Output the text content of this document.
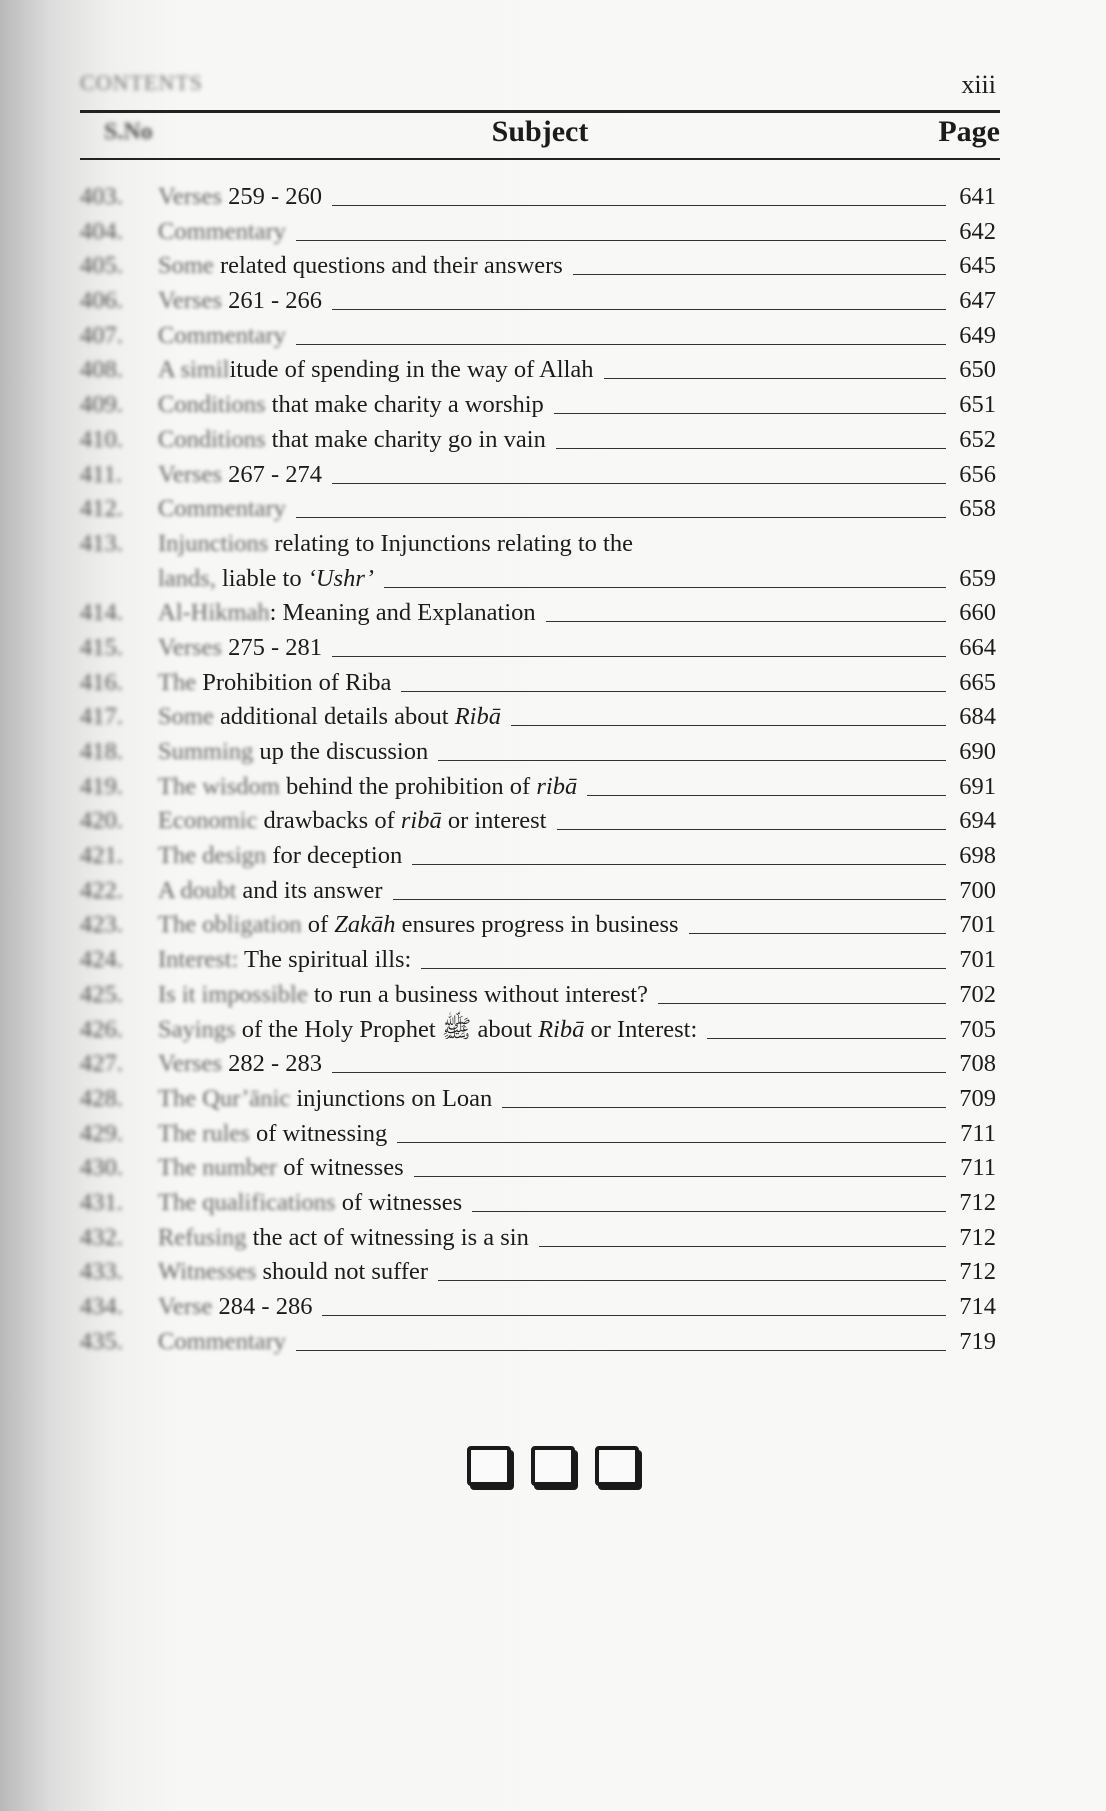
CONTENTS	xiii
S.No	Subject	Page
403. Verses 259 - 260	641
404. Commentary	642
405. Some related questions and their answers	645
406. Verses 261 - 266	647
407. Commentary	649
408. A similitude of spending in the way of Allah	650
409. Conditions that make charity a worship	651
410. Conditions that make charity go in vain	652
411.	Verses 267 - 274	656
412. Commentary	658
413. Injunctions relating to Injunctions relating to the
lands, liable to ‘Ushr’	659
414. Al-Hikmah: Meaning and Explanation	660
415. Verses 275 - 281	664
416. The Prohibition of Riba	665
417. Some additional details about Ribā	684
418. Summing up the discussion	690
419. The wisdom behind the prohibition of ribā	691
420. Economic drawbacks of ribā or interest	694
421. The design for deception	698
422. A doubt and its answer	700
423. The obligation of Zakāh ensures progress in business	701
424. Interest: The spiritual ills:	701
425. Is it impossible to run a business without interest?	702
426. Sayings of the Holy Prophet ﷺ about Ribā or Interest:	705
427. Verses 282 - 283	708
428. The Qur’ānic injunctions on Loan	709
429. The rules of witnessing	711
430. The number of witnesses	711
431. The qualifications of witnesses	712
432. Refusing the act of witnessing is a sin	712
433. Witnesses should not suffer	712
434. Verse 284 - 286	714
435. Commentary	719
